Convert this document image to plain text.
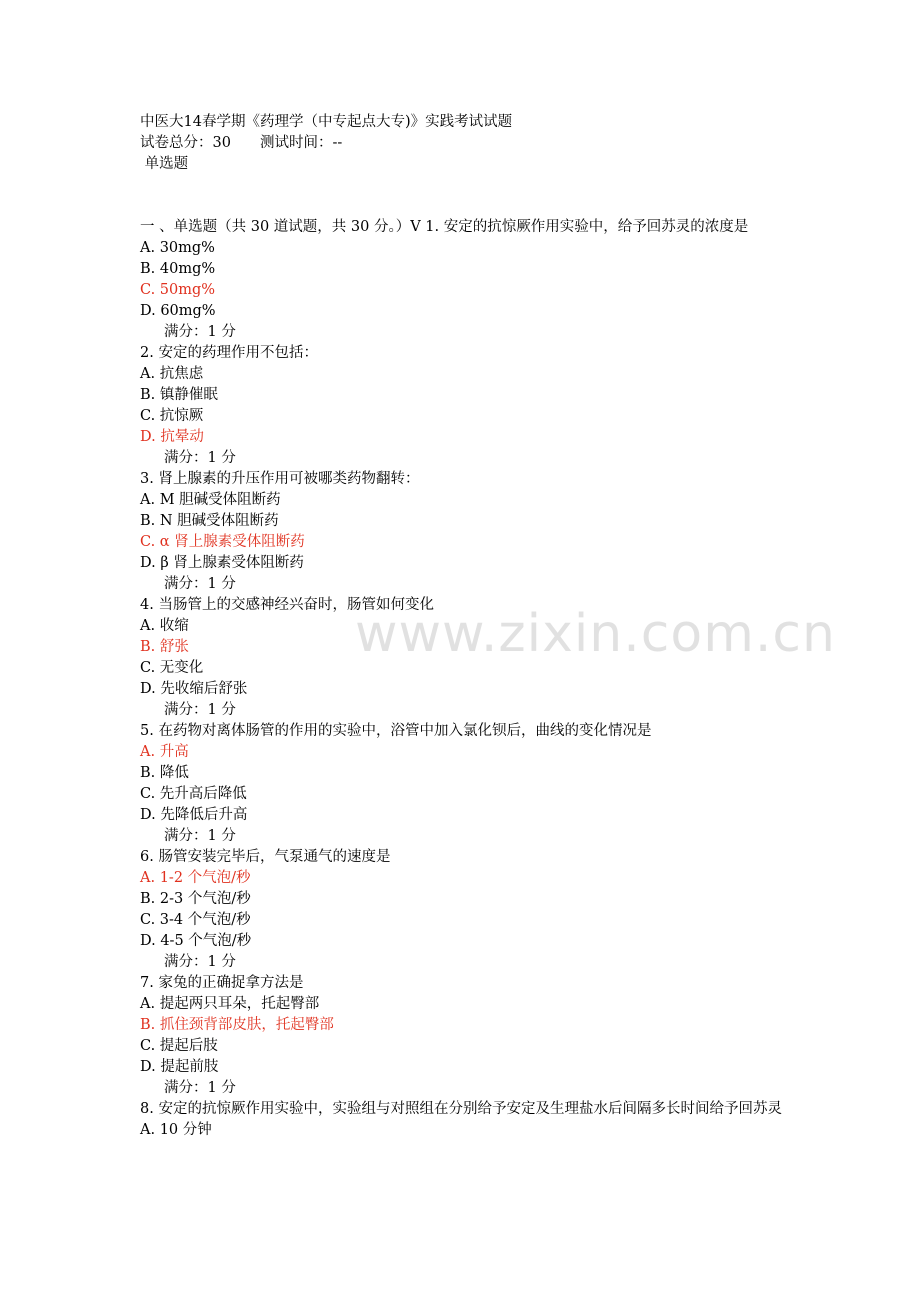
中医大14春学期《药理学（中专起点大专)》实践考试试题
试卷总分：30　　测试时间：--
单选题
一 、单选题（共 30 道试题，共 30 分。）V 1. 安定的抗惊厥作用实验中，给予回苏灵的浓度是
A. 30mg%
B. 40mg%
C. 50mg%
D. 60mg%
满分：1 分
2. 安定的药理作用不包括：
A. 抗焦虑
B. 镇静催眠
C. 抗惊厥
D. 抗晕动
满分：1 分
3. 肾上腺素的升压作用可被哪类药物翻转：
A. M 胆碱受体阻断药
B. N 胆碱受体阻断药
C. α 肾上腺素受体阻断药
D. β 肾上腺素受体阻断药
满分：1 分
4. 当肠管上的交感神经兴奋时，肠管如何变化
A. 收缩
B. 舒张
C. 无变化
D. 先收缩后舒张
满分：1 分
5. 在药物对离体肠管的作用的实验中，浴管中加入氯化钡后，曲线的变化情况是
A. 升高
B. 降低
C. 先升高后降低
D. 先降低后升高
满分：1 分
6. 肠管安装完毕后，气泵通气的速度是
A. 1-2 个气泡/秒
B. 2-3 个气泡/秒
C. 3-4 个气泡/秒
D. 4-5 个气泡/秒
满分：1 分
7. 家兔的正确捉拿方法是
A. 提起两只耳朵，托起臀部
B. 抓住颈背部皮肤，托起臀部
C. 提起后肢
D. 提起前肢
满分：1 分
8. 安定的抗惊厥作用实验中，实验组与对照组在分别给予安定及生理盐水后间隔多长时间给予回苏灵
A. 10 分钟
www.zixin.com.cn
